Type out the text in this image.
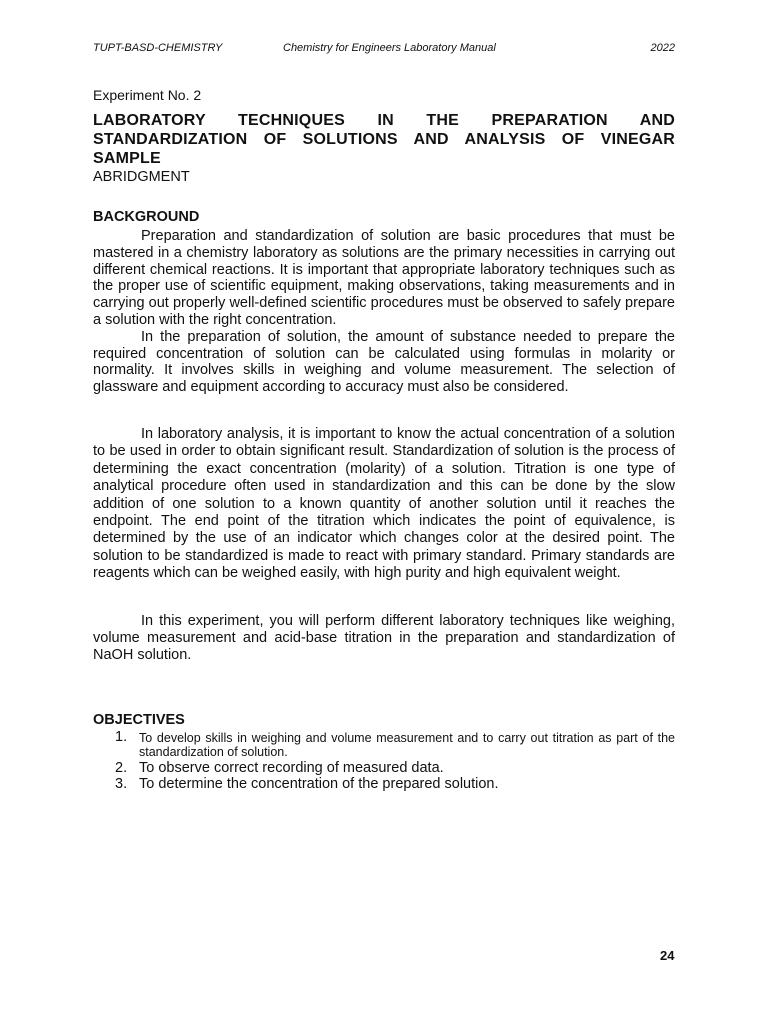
TUPT-BASD-CHEMISTRY	Chemistry for Engineers Laboratory Manual	2022

Experiment No. 2

LABORATORY TECHNIQUES IN THE PREPARATION AND STANDARDIZATION OF SOLUTIONS AND ANALYSIS OF VINEGAR SAMPLE

ABRIDGMENT

BACKGROUND

Preparation and standardization of solution are basic procedures that must be mastered in a chemistry laboratory as solutions are the primary necessities in carrying out different chemical reactions. It is important that appropriate laboratory techniques such as the proper use of scientific equipment, making observations, taking measurements and in carrying out properly well-defined scientific procedures must be observed to safely prepare a solution with the right concentration.

In the preparation of solution, the amount of substance needed to prepare the required concentration of solution can be calculated using formulas in molarity or normality. It involves skills in weighing and volume measurement. The selection of glassware and equipment according to accuracy must also be considered.

In laboratory analysis, it is important to know the actual concentration of a solution to be used in order to obtain significant result. Standardization of solution is the process of determining the exact concentration (molarity) of a solution. Titration is one type of analytical procedure often used in standardization and this can be done by the slow addition of one solution to a known quantity of another solution until it reaches the endpoint. The end point of the titration which indicates the point of equivalence, is determined by the use of an indicator which changes color at the desired point. The solution to be standardized is made to react with primary standard. Primary standards are reagents which can be weighed easily, with high purity and high equivalent weight.

In this experiment, you will perform different laboratory techniques like weighing, volume measurement and acid-base titration in the preparation and standardization of NaOH solution.

OBJECTIVES
1. To develop skills in weighing and volume measurement and to carry out titration as part of the standardization of solution.
2. To observe correct recording of measured data.
3. To determine the concentration of the prepared solution.
24
